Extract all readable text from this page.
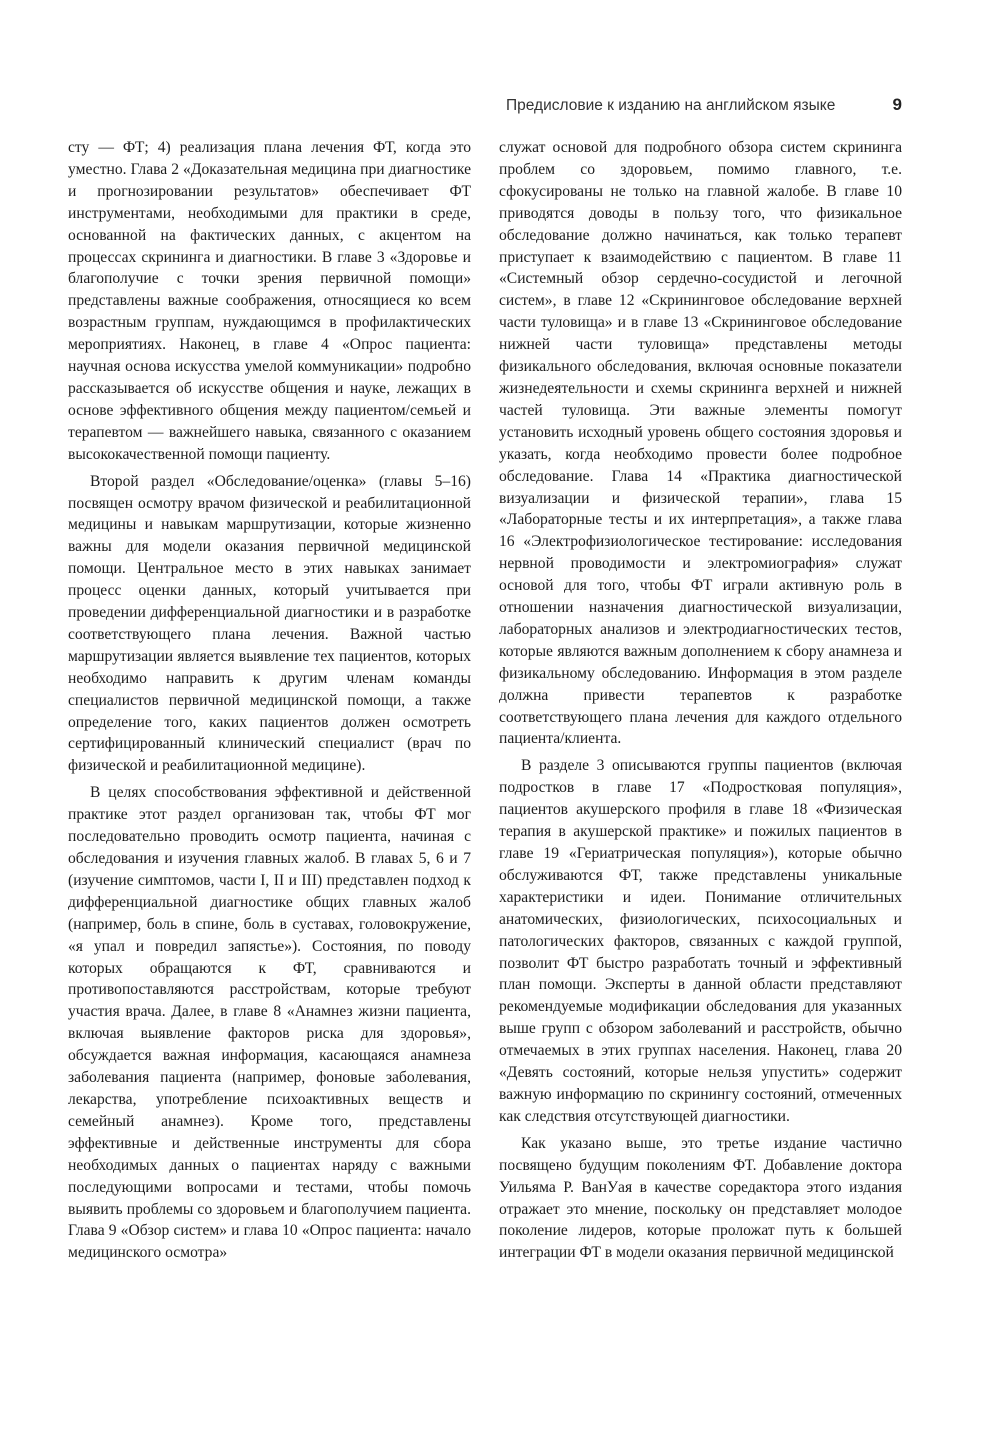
Предисловие к изданию на английском языке	9

сту — ФТ; 4) реализация плана лечения ФТ, когда это уместно. Глава 2 «Доказательная медицина при диагностике и прогнозировании результатов» обеспечивает ФТ инструментами, необходимыми для практики в среде, основанной на фактических данных, с акцентом на процессах скрининга и диагностики. В главе 3 «Здоровье и благополучие с точки зрения первичной помощи» представлены важные соображения, относящиеся ко всем возрастным группам, нуждающимся в профилактических мероприятиях. Наконец, в главе 4 «Опрос пациента: научная основа искусства умелой коммуникации» подробно рассказывается об искусстве общения и науке, лежащих в основе эффективного общения между пациентом/семьей и терапевтом — важнейшего навыка, связанного с оказанием высококачественной помощи пациенту.

Второй раздел «Обследование/оценка» (главы 5–16) посвящен осмотру врачом физической и реабилитационной медицины и навыкам маршрутизации, которые жизненно важны для модели оказания первичной медицинской помощи. Центральное место в этих навыках занимает процесс оценки данных, который учитывается при проведении дифференциальной диагностики и в разработке соответствующего плана лечения. Важной частью маршрутизации является выявление тех пациентов, которых необходимо направить к другим членам команды специалистов первичной медицинской помощи, а также определение того, каких пациентов должен осмотреть сертифицированный клинический специалист (врач по физической и реабилитационной медицине).

В целях способствования эффективной и действенной практике этот раздел организован так, чтобы ФТ мог последовательно проводить осмотр пациента, начиная с обследования и изучения главных жалоб. В главах 5, 6 и 7 (изучение симптомов, части I, II и III) представлен подход к дифференциальной диагностике общих главных жалоб (например, боль в спине, боль в суставах, головокружение, «я упал и повредил запястье»). Состояния, по поводу которых обращаются к ФТ, сравниваются и противопоставляются расстройствам, которые требуют участия врача. Далее, в главе 8 «Анамнез жизни пациента, включая выявление факторов риска для здоровья», обсуждается важная информация, касающаяся анамнеза заболевания пациента (например, фоновые заболевания, лекарства, употребление психоактивных веществ и семейный анамнез). Кроме того, представлены эффективные и действенные инструменты для сбора необходимых данных о пациентах наряду с важными последующими вопросами и тестами, чтобы помочь выявить проблемы со здоровьем и благополучием пациента. Глава 9 «Обзор систем» и глава 10 «Опрос пациента: начало медицинского осмотра»

служат основой для подробного обзора систем скрининга проблем со здоровьем, помимо главного, т.е. сфокусированы не только на главной жалобе. В главе 10 приводятся доводы в пользу того, что физикальное обследование должно начинаться, как только терапевт приступает к взаимодействию с пациентом. В главе 11 «Системный обзор сердечно-сосудистой и легочной систем», в главе 12 «Скрининговое обследование верхней части туловища» и в главе 13 «Скрининговое обследование нижней части туловища» представлены методы физикального обследования, включая основные показатели жизнедеятельности и схемы скрининга верхней и нижней частей туловища. Эти важные элементы помогут установить исходный уровень общего состояния здоровья и указать, когда необходимо провести более подробное обследование. Глава 14 «Практика диагностической визуализации и физической терапии», глава 15 «Лабораторные тесты и их интерпретация», а также глава 16 «Электрофизиологическое тестирование: исследования нервной проводимости и электромиография» служат основой для того, чтобы ФТ играли активную роль в отношении назначения диагностической визуализации, лабораторных анализов и электродиагностических тестов, которые являются важным дополнением к сбору анамнеза и физикальному обследованию. Информация в этом разделе должна привести терапевтов к разработке соответствующего плана лечения для каждого отдельного пациента/клиента.

В разделе 3 описываются группы пациентов (включая подростков в главе 17 «Подростковая популяция», пациентов акушерского профиля в главе 18 «Физическая терапия в акушерской практике» и пожилых пациентов в главе 19 «Гериатрическая популяция»), которые обычно обслуживаются ФТ, также представлены уникальные характеристики и идеи. Понимание отличительных анатомических, физиологических, психосоциальных и патологических факторов, связанных с каждой группой, позволит ФТ быстро разработать точный и эффективный план помощи. Эксперты в данной области представляют рекомендуемые модификации обследования для указанных выше групп с обзором заболеваний и расстройств, обычно отмечаемых в этих группах населения. Наконец, глава 20 «Девять состояний, которые нельзя упустить» содержит важную информацию по скринингу состояний, отмеченных как следствия отсутствующей диагностики.

Как указано выше, это третье издание частично посвящено будущим поколениям ФТ. Добавление доктора Уильяма Р. ВанУая в качестве соредактора этого издания отражает это мнение, поскольку он представляет молодое поколение лидеров, которые проложат путь к большей интеграции ФТ в модели оказания первичной медицинской
